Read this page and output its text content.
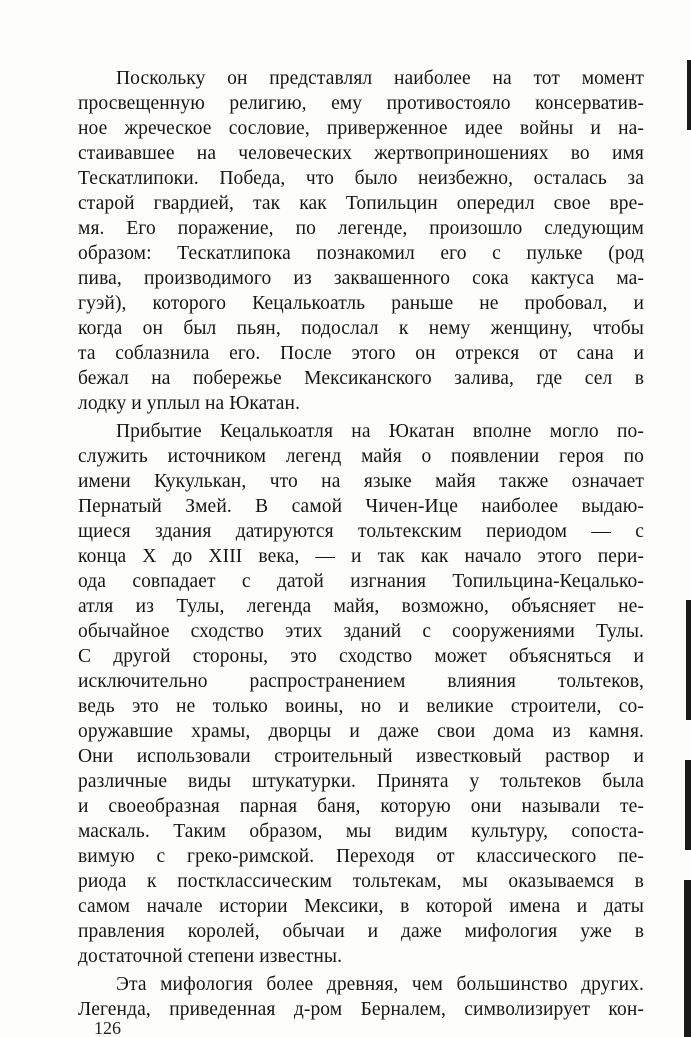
Поскольку он представлял наиболее на тот момент
просвещенную религию, ему противостояло консерватив-
ное жреческое сословие, приверженное идее войны и на-
стаивавшее на человеческих жертвоприношениях во имя
Тескатлипоки. Победа, что было неизбежно, осталась за
старой гвардией, так как Топильцин опередил свое вре-
мя. Его поражение, по легенде, произошло следующим
образом: Тескатлипока познакомил его с пульке (род
пива, производимого из заквашенного сока кактуса ма-
гуэй), которого Кецалькоатль раньше не пробовал, и
когда он был пьян, подослал к нему женщину, чтобы
та соблазнила его. После этого он отрекся от сана и
бежал на побережье Мексиканского залива, где сел в
лодку и уплыл на Юкатан.
Прибытие Кецалькоатля на Юкатан вполне могло по-
служить источником легенд майя о появлении героя по
имени Кукулькан, что на языке майя также означает
Пернатый Змей. В самой Чичен-Ице наиболее выдаю-
щиеся здания датируются тольтекским периодом — с
конца X до XIII века, — и так как начало этого пери-
ода совпадает с датой изгнания Топильцина-Кецалько-
атля из Тулы, легенда майя, возможно, объясняет не-
обычайное сходство этих зданий с сооружениями Тулы.
С другой стороны, это сходство может объясняться и
исключительно распространением влияния тольтеков,
ведь это не только воины, но и великие строители, со-
оружавшие храмы, дворцы и даже свои дома из камня.
Они использовали строительный известковый раствор и
различные виды штукатурки. Принята у тольтеков была
и своеобразная парная баня, которую они называли те-
маскаль. Таким образом, мы видим культуру, сопоста-
вимую с греко-римской. Переходя от классического пе-
риода к постклассическим тольтекам, мы оказываемся в
самом начале истории Мексики, в которой имена и даты
правления королей, обычаи и даже мифология уже в
достаточной степени известны.
Эта мифология более древняя, чем большинство других.
Легенда, приведенная д-ром Берналем, символизирует кон-
126
